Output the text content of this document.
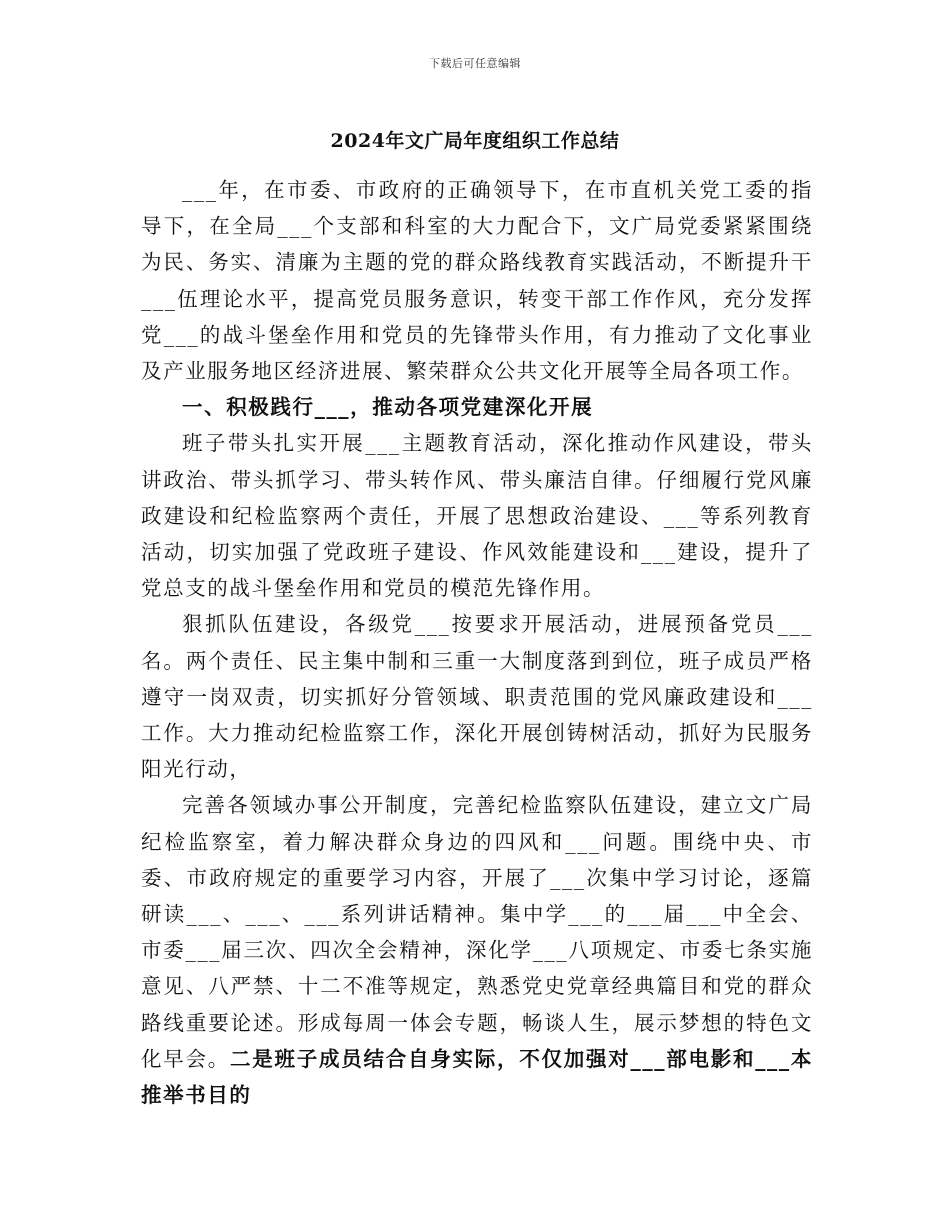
下载后可任意编辑
2024年文广局年度组织工作总结

___年，在市委、市政府的正确领导下，在市直机关党工委的指导下，在全局___个支部和科室的大力配合下，文广局党委紧紧围绕为民、务实、清廉为主题的党的群众路线教育实践活动，不断提升干___伍理论水平，提高党员服务意识，转变干部工作作风，充分发挥党___的战斗堡垒作用和党员的先锋带头作用，有力推动了文化事业及产业服务地区经济进展、繁荣群众公共文化开展等全局各项工作。

一、积极践行___，推动各项党建深化开展

班子带头扎实开展___主题教育活动，深化推动作风建设，带头讲政治、带头抓学习、带头转作风、带头廉洁自律。仔细履行党风廉政建设和纪检监察两个责任，开展了思想政治建设、___等系列教育活动，切实加强了党政班子建设、作风效能建设和___建设，提升了党总支的战斗堡垒作用和党员的模范先锋作用。

狠抓队伍建设，各级党___按要求开展活动，进展预备党员___名。两个责任、民主集中制和三重一大制度落到到位，班子成员严格遵守一岗双责，切实抓好分管领域、职责范围的党风廉政建设和___工作。大力推动纪检监察工作，深化开展创铸树活动，抓好为民服务阳光行动，

完善各领域办事公开制度，完善纪检监察队伍建设，建立文广局纪检监察室，着力解决群众身边的四风和___问题。围绕中央、市委、市政府规定的重要学习内容，开展了___次集中学习讨论，逐篇研读___、___、___系列讲话精神。集中学___的___届___中全会、市委___届三次、四次全会精神，深化学___八项规定、市委七条实施意见、八严禁、十二不准等规定，熟悉党史党章经典篇目和党的群众路线重要论述。形成每周一体会专题，畅谈人生，展示梦想的特色文化早会。二是班子成员结合自身实际，不仅加强对___部电影和___本推举书目的
